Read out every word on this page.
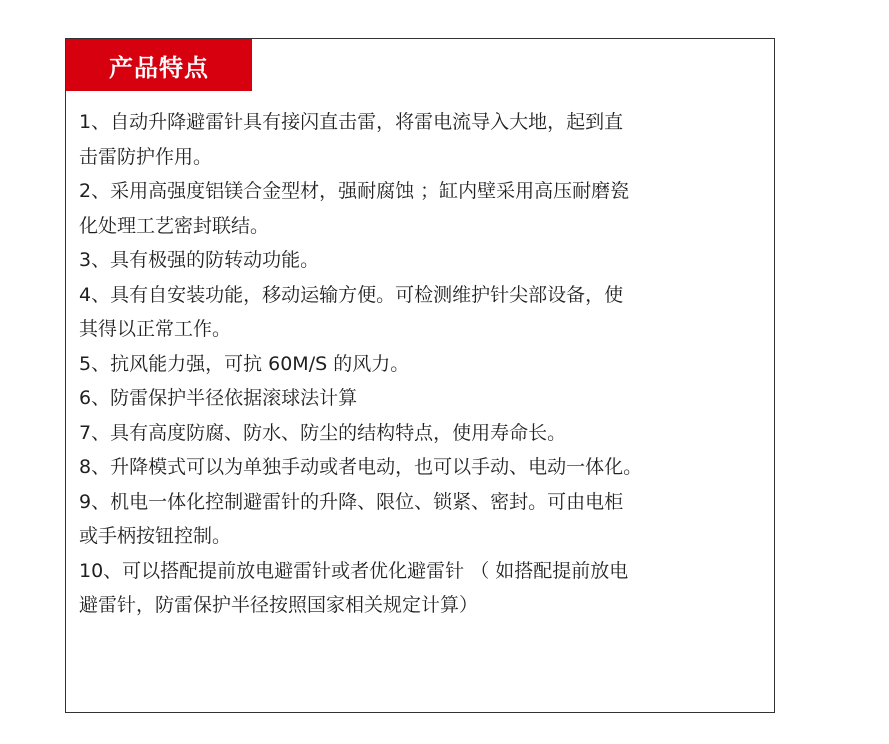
产品特点
1、自动升降避雷针具有接闪直击雷，将雷电流导入大地，起到直
击雷防护作用。
2、采用高强度铝镁合金型材，强耐腐蚀 ；缸内壁采用高压耐磨瓷
化处理工艺密封联结。
3、具有极强的防转动功能。
4、具有自安装功能，移动运输方便。可检测维护针尖部设备，使
其得以正常工作。
5、抗风能力强，可抗 60M/S 的风力。
6、防雷保护半径依据滚球法计算
7、具有高度防腐、防水、防尘的结构特点，使用寿命长。
8、升降模式可以为单独手动或者电动，也可以手动、电动一体化。
9、机电一体化控制避雷针的升降、限位、锁紧、密封。可由电柜
或手柄按钮控制。
10、可以搭配提前放电避雷针或者优化避雷针 （ 如搭配提前放电
避雷针，防雷保护半径按照国家相关规定计算）
